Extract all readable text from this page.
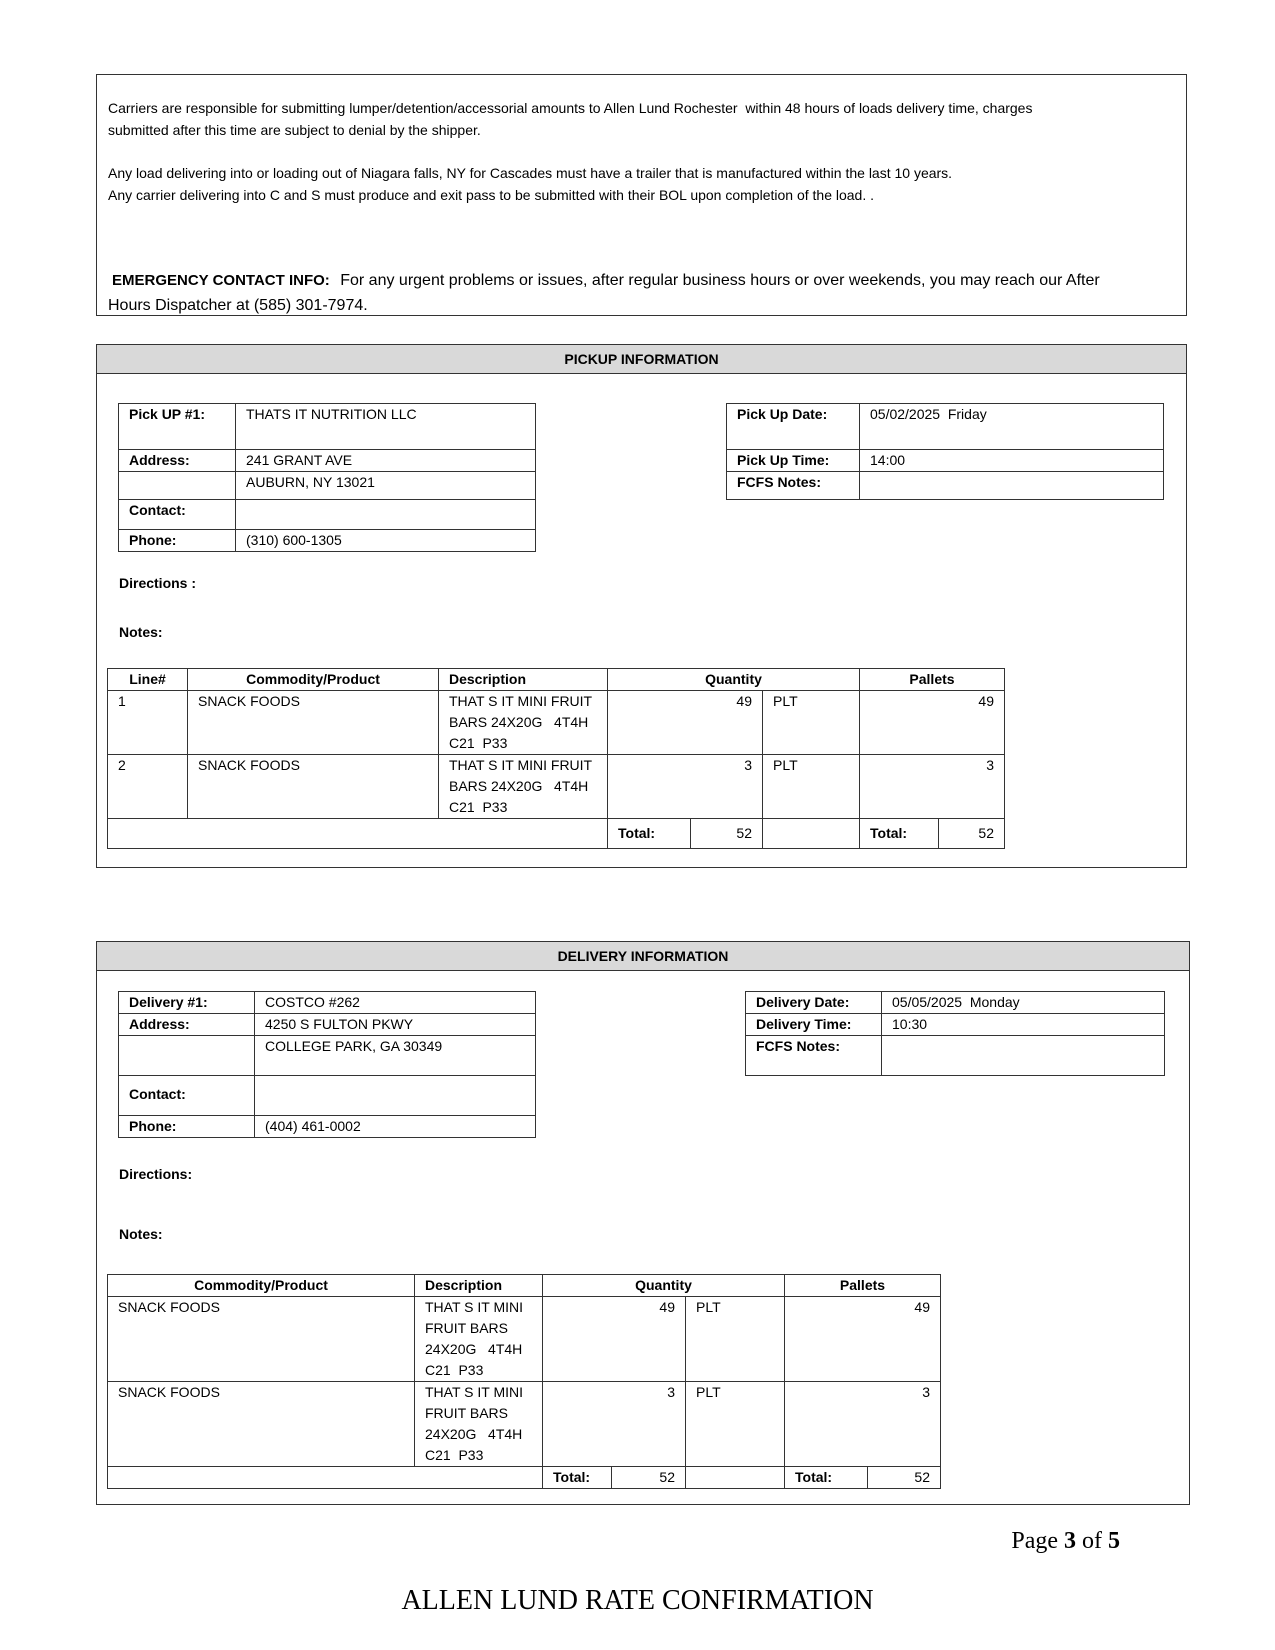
Carriers are responsible for submitting lumper/detention/accessorial amounts to Allen Lund Rochester  within 48 hours of loads delivery time, charges
submitted after this time are subject to denial by the shipper.
Any load delivering into or loading out of Niagara falls, NY for Cascades must have a trailer that is manufactured within the last 10 years.
Any carrier delivering into C and S must produce and exit pass to be submitted with their BOL upon completion of the load. .
EMERGENCY CONTACT INFO: For any urgent problems or issues, after regular business hours or over weekends, you may reach our After
Hours Dispatcher at (585) 301-7974.
PICKUP INFORMATION
Pick UP #1:	THATS IT NUTRITION LLC
Address:	241 GRANT AVE
	AUBURN, NY 13021
Contact:	
Phone:	(310) 600-1305
Pick Up Date:	05/02/2025  Friday
Pick Up Time:	14:00
FCFS Notes:	
Directions :
Notes:
Line#	Commodity/Product	Description	Quantity			Pallets	
1	SNACK FOODS	THAT S IT MINI FRUIT
BARS 24X20G   4T4H
C21  P33	49		PLT	49	
2	SNACK FOODS	THAT S IT MINI FRUIT
BARS 24X20G   4T4H
C21  P33	3		PLT	3	
			Total:	52		Total:	52
DELIVERY INFORMATION
Delivery #1:	COSTCO #262
Address:	4250 S FULTON PKWY
	COLLEGE PARK, GA 30349
Contact:	
Phone:	(404) 461-0002
Delivery Date:	05/05/2025  Monday
Delivery Time:	10:30
FCFS Notes:	
Directions:
Notes:
Commodity/Product	Description	Quantity			Pallets	
SNACK FOODS	THAT S IT MINI
FRUIT BARS
24X20G   4T4H
C21  P33	49		PLT	49	
SNACK FOODS	THAT S IT MINI
FRUIT BARS
24X20G   4T4H
C21  P33	3		PLT	3	
		Total:	52		Total:	52
Page 3 of 5
ALLEN LUND RATE CONFIRMATION
